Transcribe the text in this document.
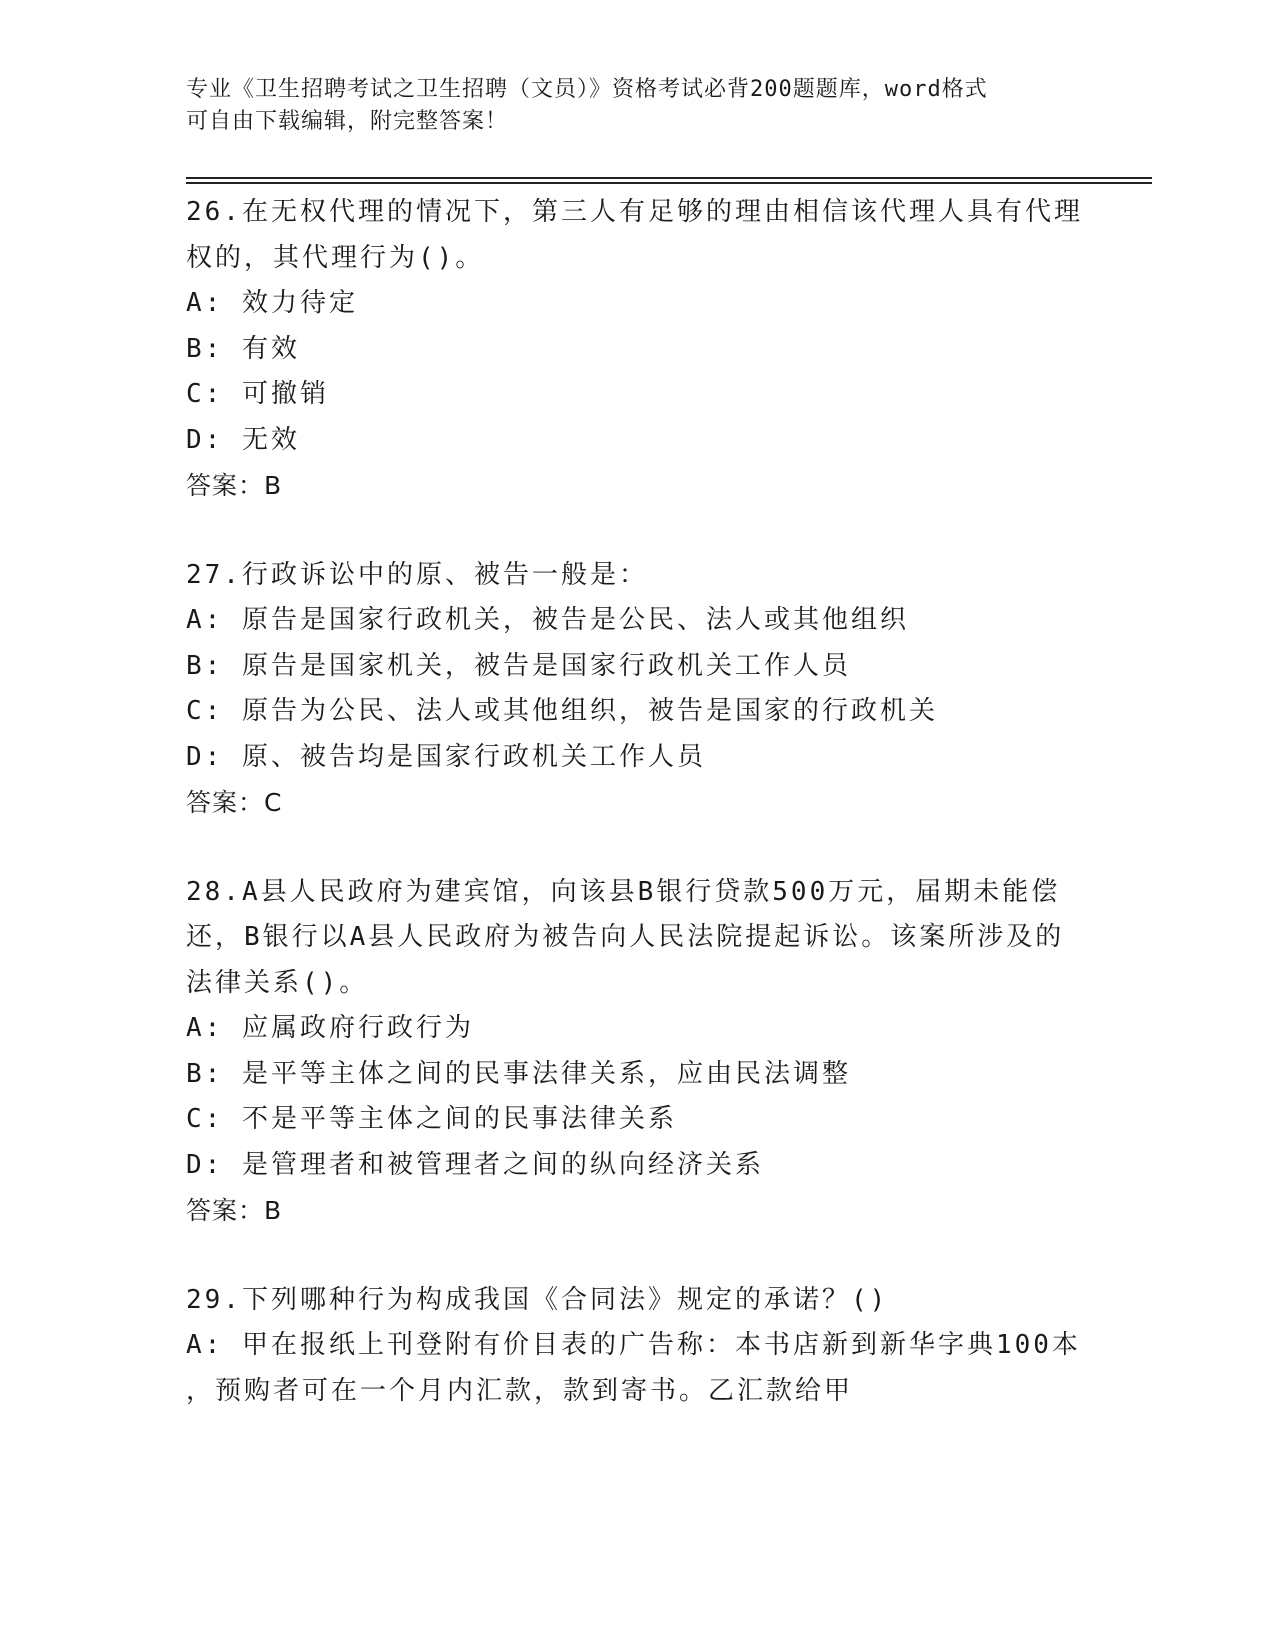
专业《卫生招聘考试之卫生招聘（文员）》资格考试必背200题题库，word格式
可自由下载编辑，附完整答案！
26.在无权代理的情况下，第三人有足够的理由相信该代理人具有代理
权的，其代理行为()。
A: 效力待定
B: 有效
C: 可撤销
D: 无效
答案：B
27.行政诉讼中的原、被告一般是：
A: 原告是国家行政机关，被告是公民、法人或其他组织
B: 原告是国家机关，被告是国家行政机关工作人员
C: 原告为公民、法人或其他组织，被告是国家的行政机关
D: 原、被告均是国家行政机关工作人员
答案：C
28.A县人民政府为建宾馆，向该县B银行贷款500万元，届期未能偿
还，B银行以A县人民政府为被告向人民法院提起诉讼。该案所涉及的
法律关系()。
A: 应属政府行政行为
B: 是平等主体之间的民事法律关系，应由民法调整
C: 不是平等主体之间的民事法律关系
D: 是管理者和被管理者之间的纵向经济关系
答案：B
29.下列哪种行为构成我国《合同法》规定的承诺？()
A: 甲在报纸上刊登附有价目表的广告称：本书店新到新华字典100本
，预购者可在一个月内汇款，款到寄书。乙汇款给甲
